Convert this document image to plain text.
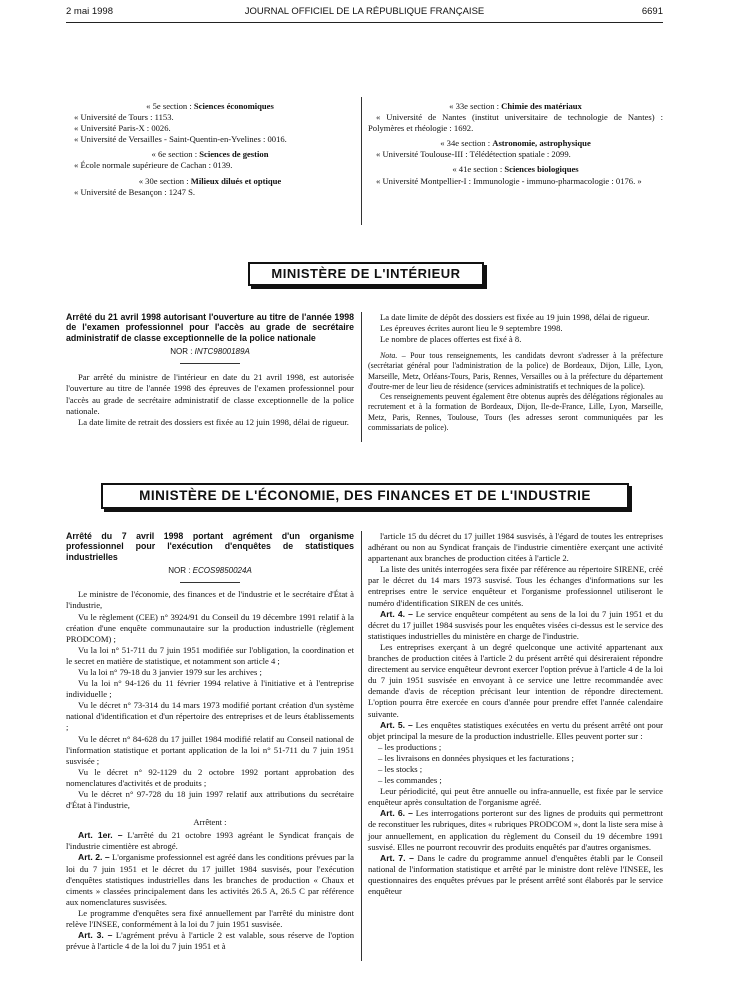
2 mai 1998	JOURNAL OFFICIEL DE LA RÉPUBLIQUE FRANÇAISE	6691

« 5e section : Sciences économiques

« Université de Tours : 1153.

« Université Paris-X : 0026.

« Université de Versailles - Saint-Quentin-en-Yvelines : 0016.

« 6e section : Sciences de gestion

« École normale supérieure de Cachan : 0139.

« 30e section : Milieux dilués et optique

« Université de Besançon : 1247 S.

« 33e section : Chimie des matériaux

« Université de Nantes (institut universitaire de technologie de Nantes) : Polymères et rhéologie : 1692.

« 34e section : Astronomie, astrophysique

« Université Toulouse-III : Télédétection spatiale : 2099.

« 41e section : Sciences biologiques

« Université Montpellier-I : Immunologie - immuno-pharmacologie : 0176. »

MINISTÈRE DE L'INTÉRIEUR

Arrêté du 21 avril 1998 autorisant l'ouverture au titre de l'année 1998 de l'examen professionnel pour l'accès au grade de secrétaire administratif de classe exceptionnelle de la police nationale

NOR : INTC9800189A

Par arrêté du ministre de l'intérieur en date du 21 avril 1998, est autorisée l'ouverture au titre de l'année 1998 des épreuves de l'examen professionnel pour l'accès au grade de secrétaire administratif de classe exceptionnelle de la police nationale.

La date limite de retrait des dossiers est fixée au 12 juin 1998, délai de rigueur.

La date limite de dépôt des dossiers est fixée au 19 juin 1998, délai de rigueur.

Les épreuves écrites auront lieu le 9 septembre 1998.

Le nombre de places offertes est fixé à 8.

Nota. – Pour tous renseignements, les candidats devront s'adresser à la préfecture (secrétariat général pour l'administration de la police) de Bordeaux, Dijon, Lille, Lyon, Marseille, Metz, Orléans-Tours, Paris, Rennes, Versailles ou à la préfecture du département d'outre-mer de leur lieu de résidence (services administratifs et techniques de la police).

Ces renseignements peuvent également être obtenus auprès des délégations régionales au recrutement et à la formation de Bordeaux, Dijon, Ile-de-France, Lille, Lyon, Marseille, Metz, Paris, Rennes, Toulouse, Tours (les adresses seront communiquées par les commissariats de police).

MINISTÈRE DE L'ÉCONOMIE, DES FINANCES ET DE L'INDUSTRIE

Arrêté du 7 avril 1998 portant agrément d'un organisme professionnel pour l'exécution d'enquêtes de statistiques industrielles

NOR : ECOS9850024A

Le ministre de l'économie, des finances et de l'industrie et le secrétaire d'État à l'industrie,

Vu le règlement (CEE) n° 3924/91 du Conseil du 19 décembre 1991 relatif à la création d'une enquête communautaire sur la production industrielle (règlement PRODCOM) ;

Vu la loi n° 51-711 du 7 juin 1951 modifiée sur l'obligation, la coordination et le secret en matière de statistique, et notamment son article 4 ;

Vu la loi n° 79-18 du 3 janvier 1979 sur les archives ;

Vu la loi n° 94-126 du 11 février 1994 relative à l'initiative et à l'entreprise individuelle ;

Vu le décret n° 73-314 du 14 mars 1973 modifié portant création d'un système national d'identification et d'un répertoire des entreprises et de leurs établissements ;

Vu le décret n° 84-628 du 17 juillet 1984 modifié relatif au Conseil national de l'information statistique et portant application de la loi n° 51-711 du 7 juin 1951 susvisée ;

Vu le décret n° 92-1129 du 2 octobre 1992 portant approbation des nomenclatures d'activités et de produits ;

Vu le décret n° 97-728 du 18 juin 1997 relatif aux attributions du secrétaire d'État à l'industrie,

Arrêtent :

Art. 1er. – L'arrêté du 21 octobre 1993 agréant le Syndicat français de l'industrie cimentière est abrogé.

Art. 2. – L'organisme professionnel est agréé dans les conditions prévues par la loi du 7 juin 1951 et le décret du 17 juillet 1984 susvisés, pour l'exécution d'enquêtes statistiques industrielles dans les branches de production « Chaux et ciments » classées principalement dans les activités 26.5 A, 26.5 C par référence aux nomenclatures susvisées.

Le programme d'enquêtes sera fixé annuellement par l'arrêté du ministre dont relève l'INSEE, conformément à la loi du 7 juin 1951 susvisée.

Art. 3. – L'agrément prévu à l'article 2 est valable, sous réserve de l'option prévue à l'article 4 de la loi du 7 juin 1951 et à

l'article 15 du décret du 17 juillet 1984 susvisés, à l'égard de toutes les entreprises adhérant ou non au Syndicat français de l'industrie cimentière exerçant une activité appartenant aux branches de production citées à l'article 2.

La liste des unités interrogées sera fixée par référence au répertoire SIRENE, créé par le décret du 14 mars 1973 susvisé. Tous les échanges d'informations sur les entreprises entre le service enquêteur et l'organisme professionnel utiliseront le numéro d'identification SIREN de ces unités.

Art. 4. – Le service enquêteur compétent au sens de la loi du 7 juin 1951 et du décret du 17 juillet 1984 susvisés pour les enquêtes visées ci-dessus est le service des statistiques industrielles du ministère en charge de l'industrie.

Les entreprises exerçant à un degré quelconque une activité appartenant aux branches de production citées à l'article 2 du présent arrêté qui désireraient répondre directement au service enquêteur devront exercer l'option prévue à l'article 4 de la loi du 7 juin 1951 susvisée en envoyant à ce service une lettre recommandée avec demande d'avis de réception précisant leur intention de répondre directement. L'option pourra être exercée en cours d'année pour prendre effet l'année calendaire suivante.

Art. 5. – Les enquêtes statistiques exécutées en vertu du présent arrêté ont pour objet principal la mesure de la production industrielle. Elles peuvent porter sur :

– les productions ;

– les livraisons en données physiques et les facturations ;

– les stocks ;

– les commandes ;

Leur périodicité, qui peut être annuelle ou infra-annuelle, est fixée par le service enquêteur après consultation de l'organisme agréé.

Art. 6. – Les interrogations porteront sur des lignes de produits qui permettront de reconstituer les rubriques, dites « rubriques PRODCOM », dont la liste sera mise à jour annuellement, en application du règlement du Conseil du 19 décembre 1991 susvisé. Elles ne pourront recouvrir des produits enquêtés par d'autres organismes.

Art. 7. – Dans le cadre du programme annuel d'enquêtes établi par le Conseil national de l'information statistique et arrêté par le ministre dont relève l'INSEE, les questionnaires des enquêtes prévues par le présent arrêté sont élaborés par le service enquêteur
